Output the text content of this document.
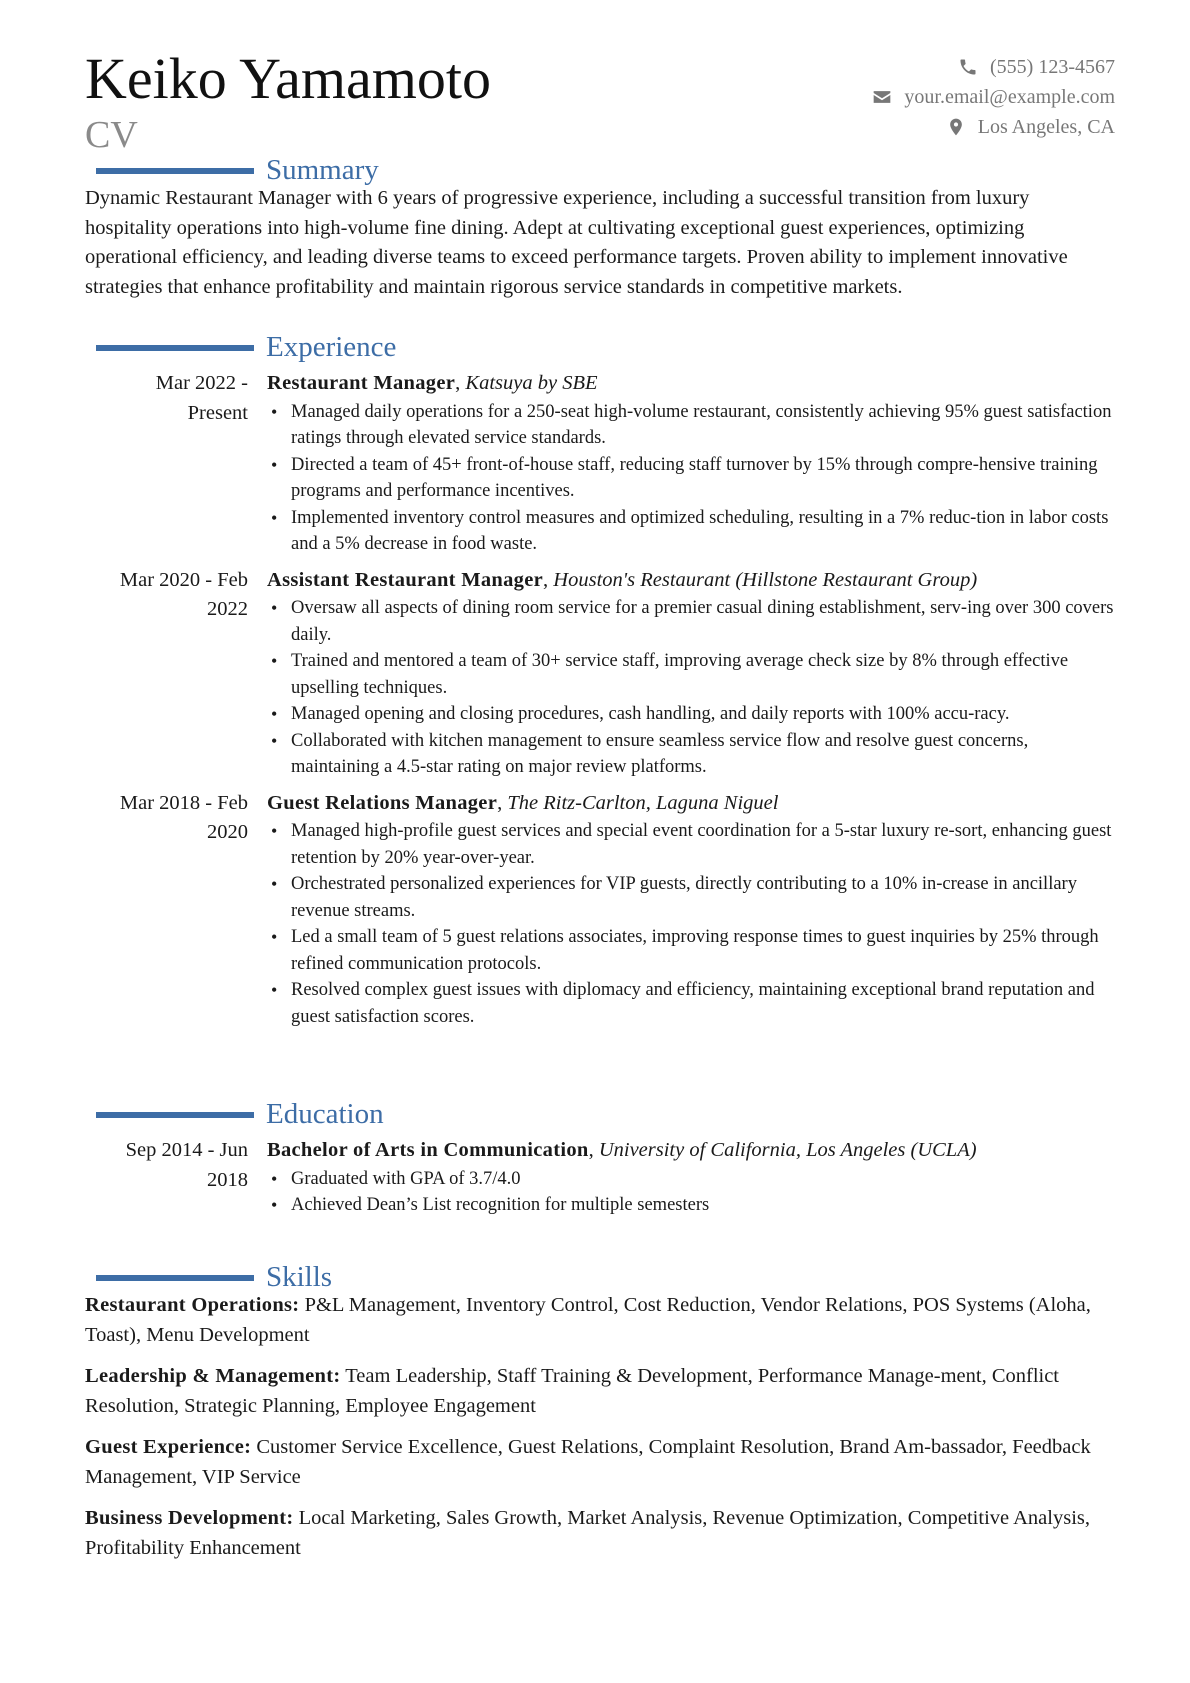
Keiko Yamamoto
CV
(555) 123-4567
your.email@example.com
Los Angeles, CA
Summary
Dynamic Restaurant Manager with 6 years of progressive experience, including a successful transition from luxury hospitality operations into high-volume fine dining. Adept at cultivating exceptional guest experiences, optimizing operational efficiency, and leading diverse teams to exceed performance targets. Proven ability to implement innovative strategies that enhance profitability and maintain rigorous service standards in competitive markets.
Experience
Mar 2022 -
Present
Restaurant Manager, Katsuya by SBE
• Managed daily operations for a 250-seat high-volume restaurant, consistently achieving 95% guest satisfaction ratings through elevated service standards.
• Directed a team of 45+ front-of-house staff, reducing staff turnover by 15% through compre-hensive training programs and performance incentives.
• Implemented inventory control measures and optimized scheduling, resulting in a 7% reduc-tion in labor costs and a 5% decrease in food waste.
Mar 2020 - Feb
2022
Assistant Restaurant Manager, Houston's Restaurant (Hillstone Restaurant Group)
• Oversaw all aspects of dining room service for a premier casual dining establishment, serv-ing over 300 covers daily.
• Trained and mentored a team of 30+ service staff, improving average check size by 8% through effective upselling techniques.
• Managed opening and closing procedures, cash handling, and daily reports with 100% accu-racy.
• Collaborated with kitchen management to ensure seamless service flow and resolve guest concerns, maintaining a 4.5-star rating on major review platforms.
Mar 2018 - Feb
2020
Guest Relations Manager, The Ritz-Carlton, Laguna Niguel
• Managed high-profile guest services and special event coordination for a 5-star luxury re-sort, enhancing guest retention by 20% year-over-year.
• Orchestrated personalized experiences for VIP guests, directly contributing to a 10% in-crease in ancillary revenue streams.
• Led a small team of 5 guest relations associates, improving response times to guest inquiries by 25% through refined communication protocols.
• Resolved complex guest issues with diplomacy and efficiency, maintaining exceptional brand reputation and guest satisfaction scores.
Education
Sep 2014 - Jun
2018
Bachelor of Arts in Communication, University of California, Los Angeles (UCLA)
• Graduated with GPA of 3.7/4.0
• Achieved Dean’s List recognition for multiple semesters
Skills
Restaurant Operations: P&L Management, Inventory Control, Cost Reduction, Vendor Relations, POS Systems (Aloha, Toast), Menu Development
Leadership & Management: Team Leadership, Staff Training & Development, Performance Manage-ment, Conflict Resolution, Strategic Planning, Employee Engagement
Guest Experience: Customer Service Excellence, Guest Relations, Complaint Resolution, Brand Am-bassador, Feedback Management, VIP Service
Business Development: Local Marketing, Sales Growth, Market Analysis, Revenue Optimization, Competitive Analysis, Profitability Enhancement
